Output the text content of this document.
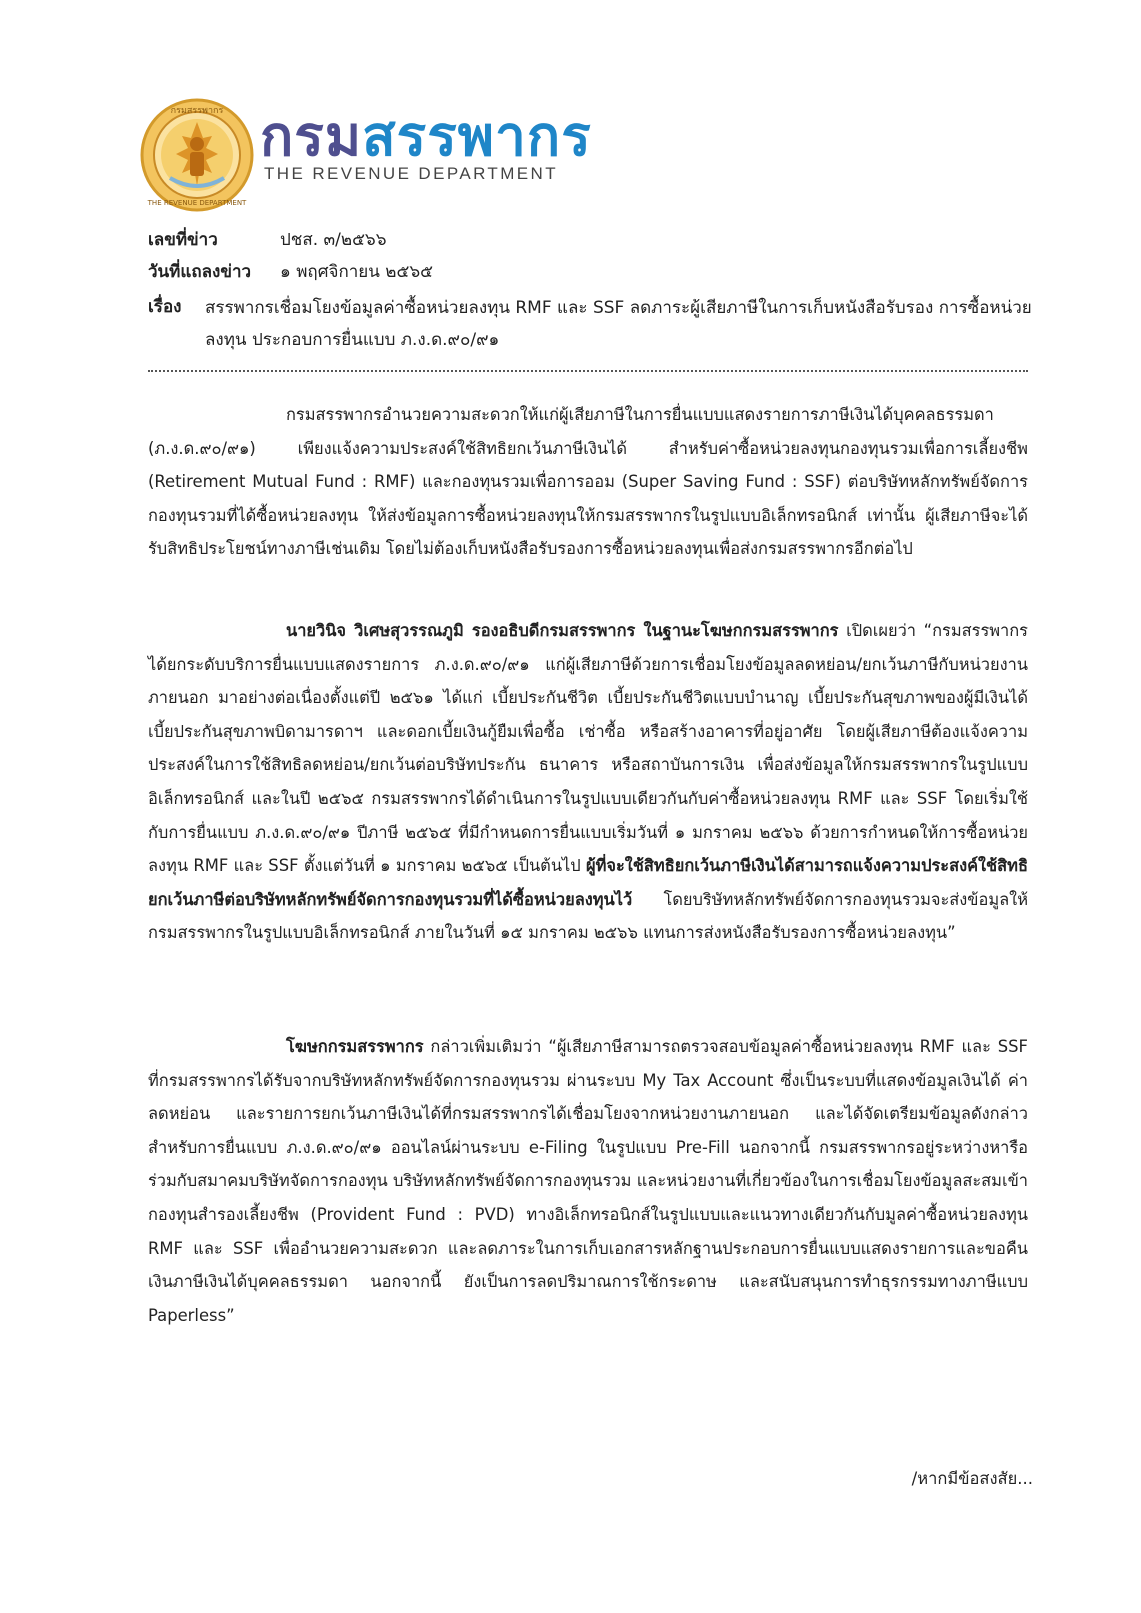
กรมสรรพากร
THE REVENUE DEPARTMENT
กรมสรรพากร
THE REVENUE DEPARTMENT
เลขที่ข่าว	ปชส. ๓/๒๕๖๖
วันที่แถลงข่าว ๑ พฤศจิกายน ๒๕๖๕
เรื่อง สรรพากรเชื่อมโยงข้อมูลค่าซื้อหน่วยลงทุน RMF และ SSF ลดภาระผู้เสียภาษีในการเก็บหนังสือรับรอง การซื้อหน่วยลงทุน ประกอบการยื่นแบบ ภ.ง.ด.๙๐/๙๑

กรมสรรพากรอำนวยความสะดวกให้แก่ผู้เสียภาษีในการยื่นแบบแสดงรายการภาษีเงินได้บุคคลธรรมดา (ภ.ง.ด.๙๐/๙๑) เพียงแจ้งความประสงค์ใช้สิทธิยกเว้นภาษีเงินได้ สำหรับค่าซื้อหน่วยลงทุนกองทุนรวมเพื่อการเลี้ยงชีพ (Retirement Mutual Fund : RMF) และกองทุนรวมเพื่อการออม (Super Saving Fund : SSF) ต่อบริษัทหลักทรัพย์จัดการกองทุนรวมที่ได้ซื้อหน่วยลงทุน ให้ส่งข้อมูลการซื้อหน่วยลงทุนให้กรมสรรพากรในรูปแบบอิเล็กทรอนิกส์ เท่านั้น ผู้เสียภาษีจะได้รับสิทธิประโยชน์ทางภาษีเช่นเดิม โดยไม่ต้องเก็บหนังสือรับรองการซื้อหน่วยลงทุนเพื่อส่งกรมสรรพากรอีกต่อไป

นายวินิจ วิเศษสุวรรณภูมิ รองอธิบดีกรมสรรพากร ในฐานะโฆษกกรมสรรพากร เปิดเผยว่า “กรมสรรพากรได้ยกระดับบริการยื่นแบบแสดงรายการ ภ.ง.ด.๙๐/๙๑ แก่ผู้เสียภาษีด้วยการเชื่อมโยงข้อมูลลดหย่อน/ยกเว้นภาษีกับหน่วยงานภายนอก มาอย่างต่อเนื่องตั้งแต่ปี ๒๕๖๑ ได้แก่ เบี้ยประกันชีวิต เบี้ยประกันชีวิตแบบบำนาญ เบี้ยประกันสุขภาพของผู้มีเงินได้ เบี้ยประกันสุขภาพบิดามารดาฯ และดอกเบี้ยเงินกู้ยืมเพื่อซื้อ เช่าซื้อ หรือสร้างอาคารที่อยู่อาศัย โดยผู้เสียภาษีต้องแจ้งความประสงค์ในการใช้สิทธิลดหย่อน/ยกเว้นต่อบริษัทประกัน ธนาคาร หรือสถาบันการเงิน เพื่อส่งข้อมูลให้กรมสรรพากรในรูปแบบอิเล็กทรอนิกส์ และในปี ๒๕๖๕ กรมสรรพากรได้ดำเนินการในรูปแบบเดียวกันกับค่าซื้อหน่วยลงทุน RMF และ SSF โดยเริ่มใช้กับการยื่นแบบ ภ.ง.ด.๙๐/๙๑ ปีภาษี ๒๕๖๕ ที่มีกำหนดการยื่นแบบเริ่มวันที่ ๑ มกราคม ๒๕๖๖ ด้วยการกำหนดให้การซื้อหน่วยลงทุน RMF และ SSF ตั้งแต่วันที่ ๑ มกราคม ๒๕๖๕ เป็นต้นไป ผู้ที่จะใช้สิทธิยกเว้นภาษีเงินได้สามารถแจ้งความประสงค์ใช้สิทธิยกเว้นภาษีต่อบริษัทหลักทรัพย์จัดการกองทุนรวมที่ได้ซื้อหน่วยลงทุนไว้ โดยบริษัทหลักทรัพย์จัดการกองทุนรวมจะส่งข้อมูลให้กรมสรรพากรในรูปแบบอิเล็กทรอนิกส์ ภายในวันที่ ๑๕ มกราคม ๒๕๖๖ แทนการส่งหนังสือรับรองการซื้อหน่วยลงทุน”

โฆษกกรมสรรพากร กล่าวเพิ่มเติมว่า “ผู้เสียภาษีสามารถตรวจสอบข้อมูลค่าซื้อหน่วยลงทุน RMF และ SSF ที่กรมสรรพากรได้รับจากบริษัทหลักทรัพย์จัดการกองทุนรวม ผ่านระบบ My Tax Account ซึ่งเป็นระบบที่แสดงข้อมูลเงินได้ ค่าลดหย่อน และรายการยกเว้นภาษีเงินได้ที่กรมสรรพากรได้เชื่อมโยงจากหน่วยงานภายนอก และได้จัดเตรียมข้อมูลดังกล่าวสำหรับการยื่นแบบ ภ.ง.ด.๙๐/๙๑ ออนไลน์ผ่านระบบ e-Filing ในรูปแบบ Pre-Fill นอกจากนี้ กรมสรรพากรอยู่ระหว่างหารือร่วมกับสมาคมบริษัทจัดการกองทุน บริษัทหลักทรัพย์จัดการกองทุนรวม และหน่วยงานที่เกี่ยวข้องในการเชื่อมโยงข้อมูลสะสมเข้ากองทุนสำรองเลี้ยงชีพ (Provident Fund : PVD) ทางอิเล็กทรอนิกส์ในรูปแบบและแนวทางเดียวกันกับมูลค่าซื้อหน่วยลงทุน RMF และ SSF เพื่ออำนวยความสะดวก และลดภาระในการเก็บเอกสารหลักฐานประกอบการยื่นแบบแสดงรายการและขอคืนเงินภาษีเงินได้บุคคลธรรมดา นอกจากนี้ ยังเป็นการลดปริมาณการใช้กระดาษ และสนับสนุนการทำธุรกรรมทางภาษีแบบ Paperless”

/หากมีข้อสงสัย...
